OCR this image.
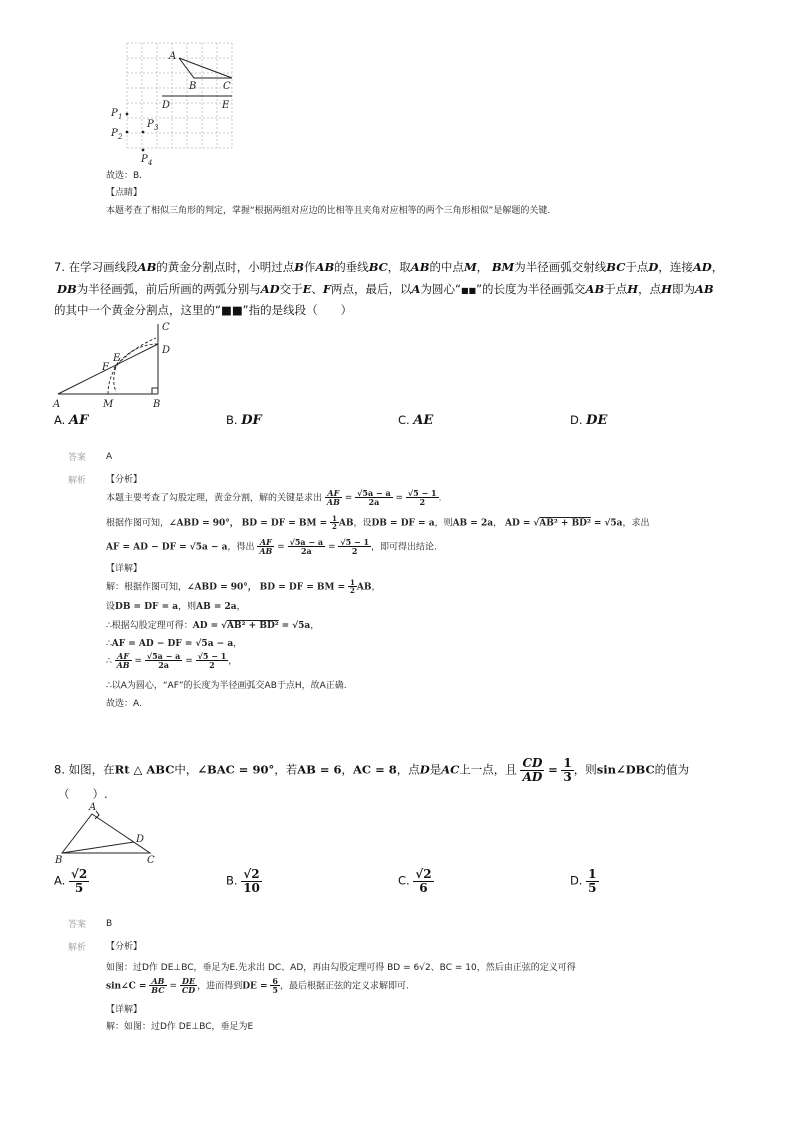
A
B	C
D	E
P 1
P 2
P 3
P 4
故选：B.
【点睛】
本题考查了相似三角形的判定，掌握“根据两组对应边的比相等且夹角对应相等的两个三角形相似”是解题的关键.
7. 在学习画线段AB的黄金分割点时，小明过点B作AB的垂线BC，取AB的中点M， BM为半径画弧交射线BC于点D，连接AD，
DB为半径画弧，前后所画的两弧分别与AD交于E、F两点，最后，以A为圆心“■■”的长度为半径画弧交AB于点H，点H即为AB
的其中一个黄金分割点，这里的“■■”指的是线段（　　）
A	M	B
C
D
E
F
A. AF	B. DF	C. AE	D. DE
答案 A
解析 【分析】
本题主要考查了勾股定理，黄金分割，解的关键是求出 $\frac{AF}{AB} = \frac{√5a - a}{2a} = \frac{√5 - 1}{2}$ .
根据作图可知，∠ABD = 90°， BD = DF = BM = $\frac{1}{2}$ AB，设DB = DF = a，则AB = 2a， AD = √AB² + BD² = √5a，求出
AF = AD − DF = √5a − a，得出 $\frac{AF}{AB} = \frac{√5a - a}{2a} = \frac{√5 - 1}{2}$ ，即可得出结论.
【详解】
解：根据作图可知，∠ABD = 90°， BD = DF = BM = $\frac{1}{2}$ AB，
设DB = DF = a，则AB = 2a，
∴根据勾股定理可得：AD = √AB² + BD² = √5a，
∴AF = AD − DF = √5a − a，
∴ $\frac{AF}{AB} = \frac{√5a - a}{2a} = \frac{√5 - 1}{2}$ ，
∴以A为圆心，“AF”的长度为半径画弧交AB于点H，故A正确.
故选：A.
8. 如图，在Rt △ ABC中，∠BAC = 90°，若AB = 6，AC = 8，点D是AC上一点，且 $\frac{CD}{AD} = \frac{1}{3}$ ，则sin∠DBC的值为
（　　）.
A
B	C
D
A. $\frac{√2}{5}$	B. $\frac{√2}{10}$	C. $\frac{√2}{6}$	D. $\frac{1}{5}$
答案 B
解析 【分析】
如图：过D作 DE⊥BC，垂足为E.先求出 DC、AD，再由勾股定理可得 BD = 6√2、BC = 10，然后由正弦的定义可得
sin∠C = $\frac{AB}{BC} = \frac{DE}{CD}$ ，进而得到DE = $\frac{6}{5}$ ，最后根据正弦的定义求解即可.
【详解】
解：如图：过D作 DE⊥BC，垂足为E
